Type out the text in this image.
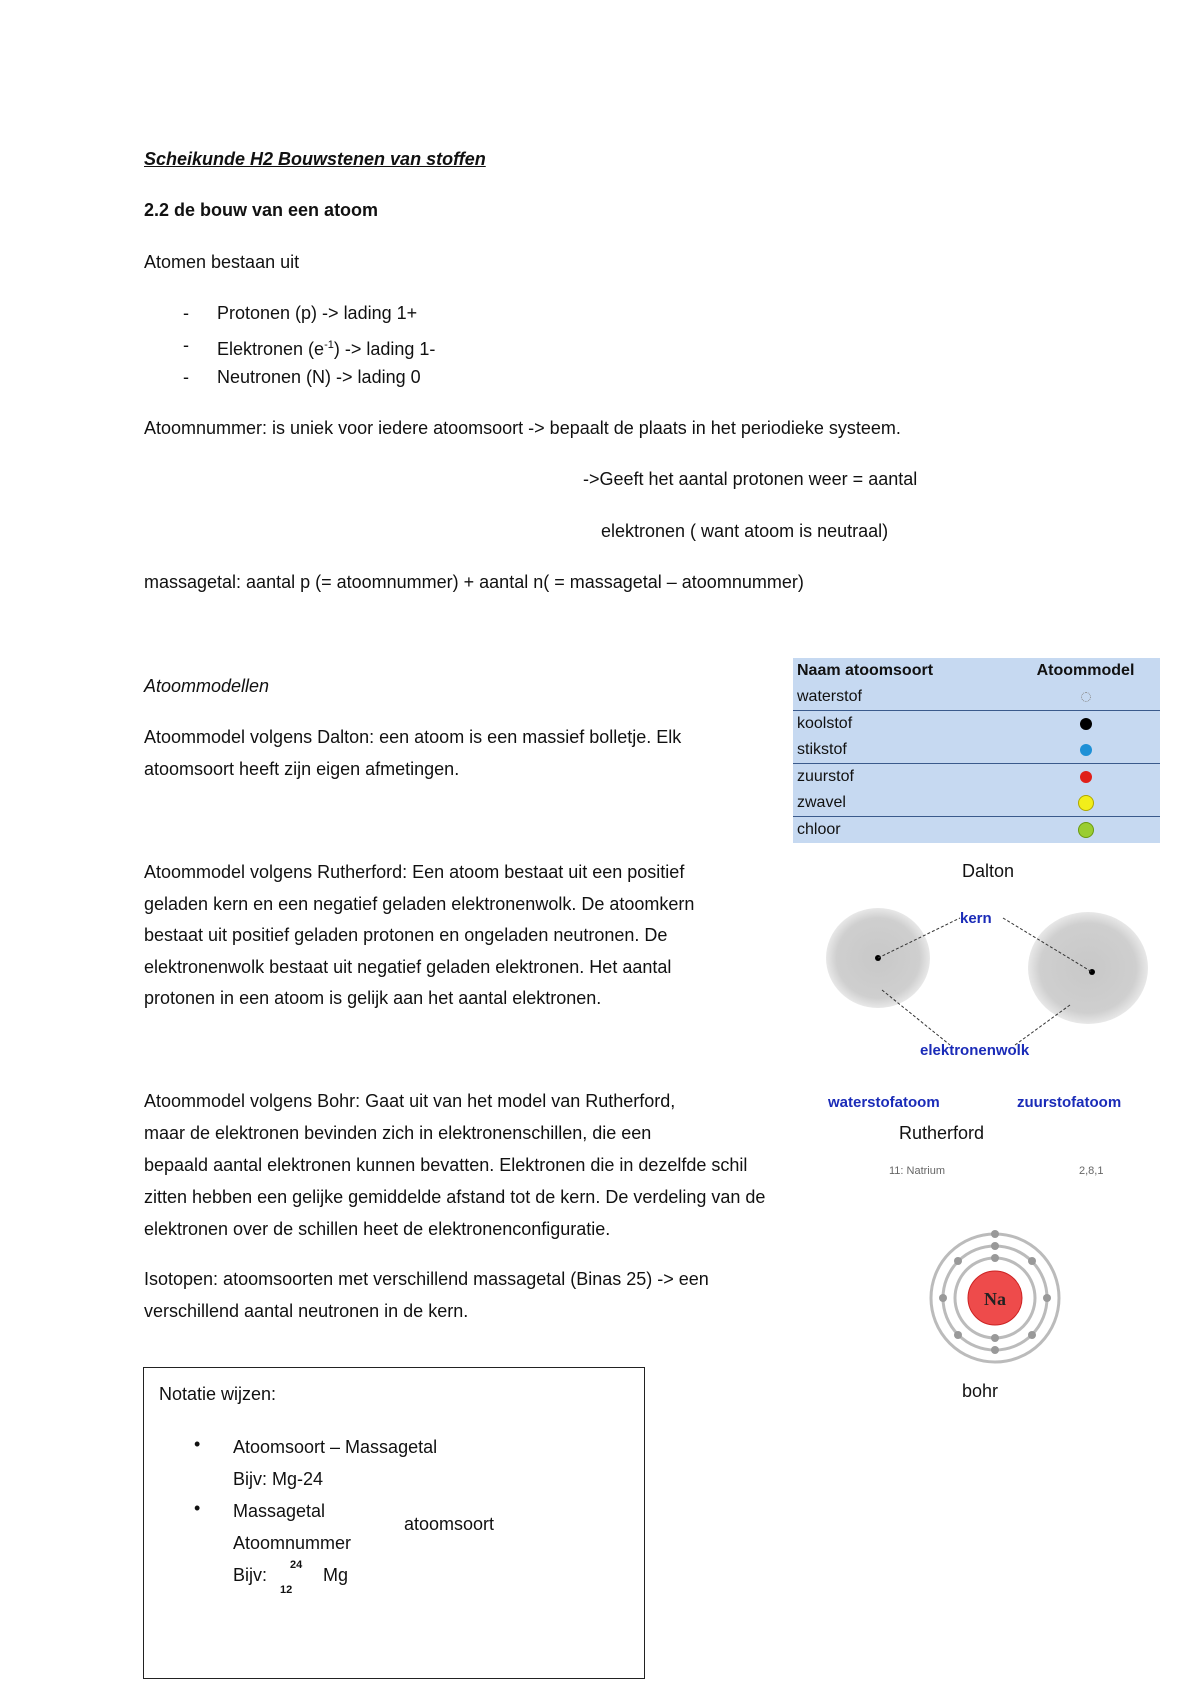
Scheikunde H2 Bouwstenen van stoffen
2.2 de bouw van een atoom
Atomen bestaan uit
- Protonen (p) -> lading 1+
- Elektronen $(e^{-1})$ -> lading 1-
- Neutronen (N) -> lading 0
Atoomnummer: is uniek voor iedere atoomsoort -> bepaalt de plaats in het periodieke systeem.
->Geeft het aantal protonen weer = aantal
elektronen ( want atoom is neutraal)
massagetal: aantal p (= atoomnummer) + aantal n( = massagetal – atoomnummer)
Atoommodellen
Atoommodel volgens Dalton: een atoom is een massief bolletje. Elk
atoomsoort heeft zijn eigen afmetingen.
Atoommodel volgens Rutherford: Een atoom bestaat uit een positief
geladen kern en een negatief geladen elektronenwolk. De atoomkern
bestaat uit positief geladen protonen en ongeladen neutronen. De
elektronenwolk bestaat uit negatief geladen elektronen. Het aantal
protonen in een atoom is gelijk aan het aantal elektronen.
Atoommodel volgens Bohr: Gaat uit van het model van Rutherford,
maar de elektronen bevinden zich in elektronenschillen, die een
bepaald aantal elektronen kunnen bevatten. Elektronen die in dezelfde schil
zitten hebben een gelijke gemiddelde afstand tot de kern. De verdeling van de
elektronen over de schillen heet de elektronenconfiguratie.
Isotopen: atoomsoorten met verschillend massagetal (Binas 25) -> een
verschillend aantal neutronen in de kern.
Naam atoomsoort	Atoommodel
waterstof	
koolstof	
stikstof	
zuurstof	
zwavel	
chloor	
Dalton
kern
elektronenwolk
waterstofatoom	zuurstofatoom
Rutherford
11: Natrium	2,8,1
Na
bohr
Notatie wijzen:
• Atoomsoort – Massagetal
Bijv: Mg-24
• Massagetal
atoomsoort
Atoomnummer
Bijv: 24
12
Mg
